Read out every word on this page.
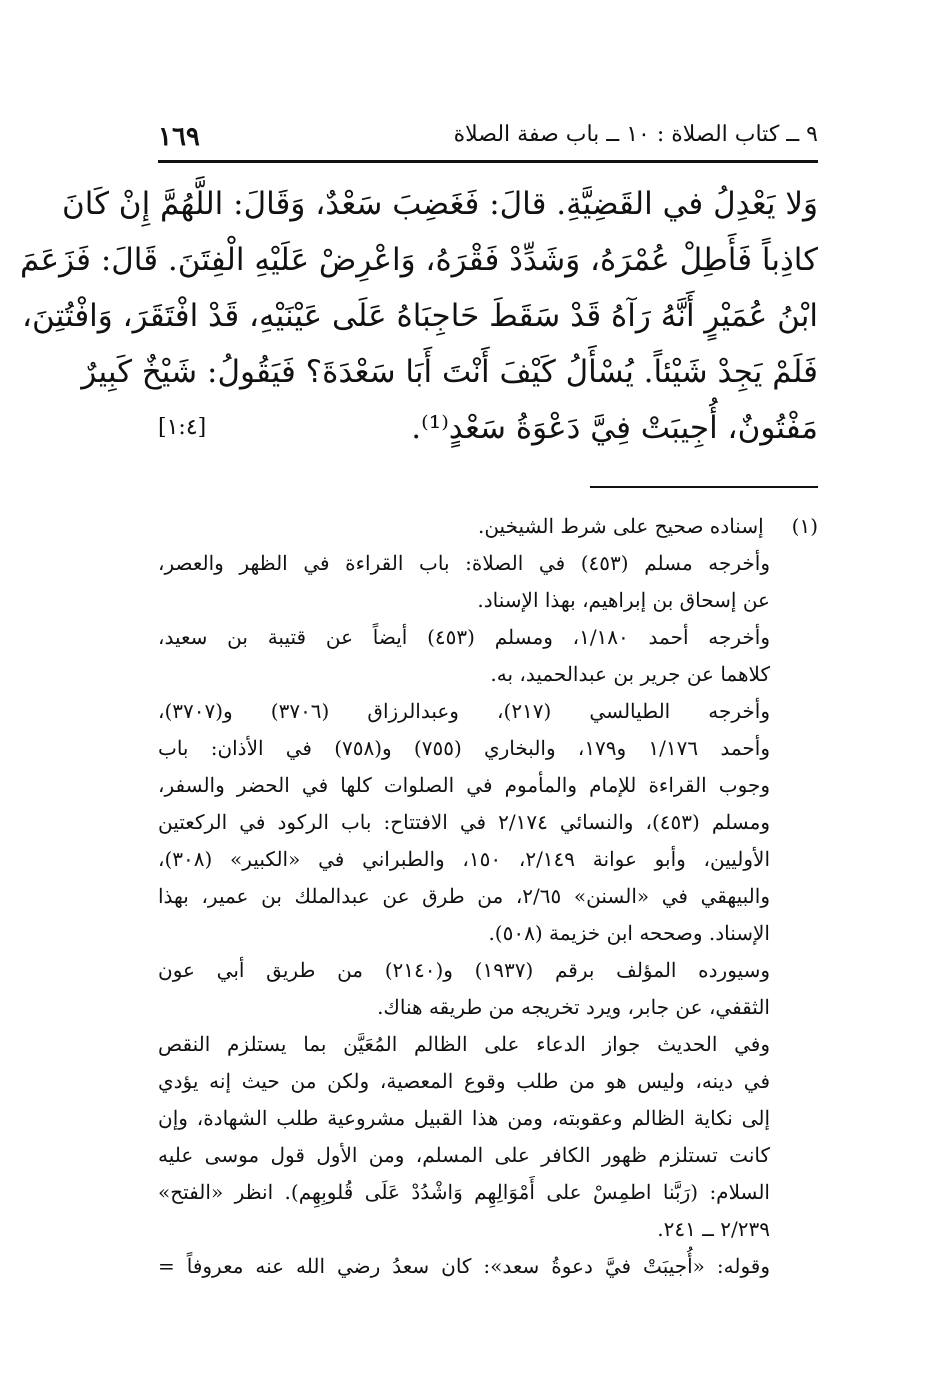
٩ ــ كتاب الصلاة : ١٠ ــ باب صفة الصلاة
١٦٩
وَلا يَعْدِلُ في القَضِيَّةِ. قالَ: فَغَضِبَ سَعْدٌ، وَقَالَ: اللَّهُمَّ إِنْ كَانَ
كاذِباً فَأَطِلْ عُمْرَهُ، وَشَدِّدْ فَقْرَهُ، وَاعْرِضْ عَلَيْهِ الْفِتَنَ. قَالَ: فَزَعَمَ
ابْنُ عُمَيْرٍ أَنَّهُ رَآهُ قَدْ سَقَطَ حَاجِبَاهُ عَلَى عَيْنَيْهِ، قَدْ افْتَقَرَ، وَافْتُتِنَ،
فَلَمْ يَجِدْ شَيْئاً. يُسْأَلُ كَيْفَ أَنْتَ أَبَا سَعْدَةَ؟ فَيَقُولُ: شَيْخٌ كَبِيرٌ
مَفْتُونٌ، أُجِيبَتْ فِيَّ دَعْوَةُ سَعْدٍ⁽¹⁾.
[١:٤]
(١) إسناده صحيح على شرط الشيخين.
وأخرجه مسلم (٤٥٣) في الصلاة: باب القراءة في الظهر والعصر،
عن إسحاق بن إبراهيم، بهذا الإسناد.
وأخرجه أحمد ١/١٨٠، ومسلم (٤٥٣) أيضاً عن قتيبة بن سعيد،
كلاهما عن جرير بن عبدالحميد، به.
وأخرجه الطيالسي (٢١٧)، وعبدالرزاق (٣٧٠٦) و(٣٧٠٧)،
وأحمد ١/١٧٦ و١٧٩، والبخاري (٧٥٥) و(٧٥٨) في الأذان: باب
وجوب القراءة للإمام والمأموم في الصلوات كلها في الحضر والسفر،
ومسلم (٤٥٣)، والنسائي ٢/١٧٤ في الافتتاح: باب الركود في الركعتين
الأوليين، وأبو عوانة ٢/١٤٩، ١٥٠، والطبراني في «الكبير» (٣٠٨)،
والبيهقي في «السنن» ٢/٦٥، من طرق عن عبدالملك بن عمير، بهذا
الإسناد. وصححه ابن خزيمة (٥٠٨).
وسيورده المؤلف برقم (١٩٣٧) و(٢١٤٠) من طريق أبي عون
الثقفي، عن جابر، ويرد تخريجه من طريقه هناك.
وفي الحديث جواز الدعاء على الظالم المُعَيَّن بما يستلزم النقص
في دينه، وليس هو من طلب وقوع المعصية، ولكن من حيث إنه يؤدي
إلى نكاية الظالم وعقوبته، ومن هذا القبيل مشروعية طلب الشهادة، وإن
كانت تستلزم ظهور الكافر على المسلم، ومن الأول قول موسى عليه
السلام: (رَبَّنا اطمِسْ على أَمْوَالِهِم وَاشْدُدْ عَلَى قُلوبِهِم). انظر «الفتح»
٢/٢٣٩ ــ ٢٤١.
وقوله: «أُجيبَتْ فيَّ دعوةُ سعد»: كان سعدُ رضي الله عنه معروفاً =
